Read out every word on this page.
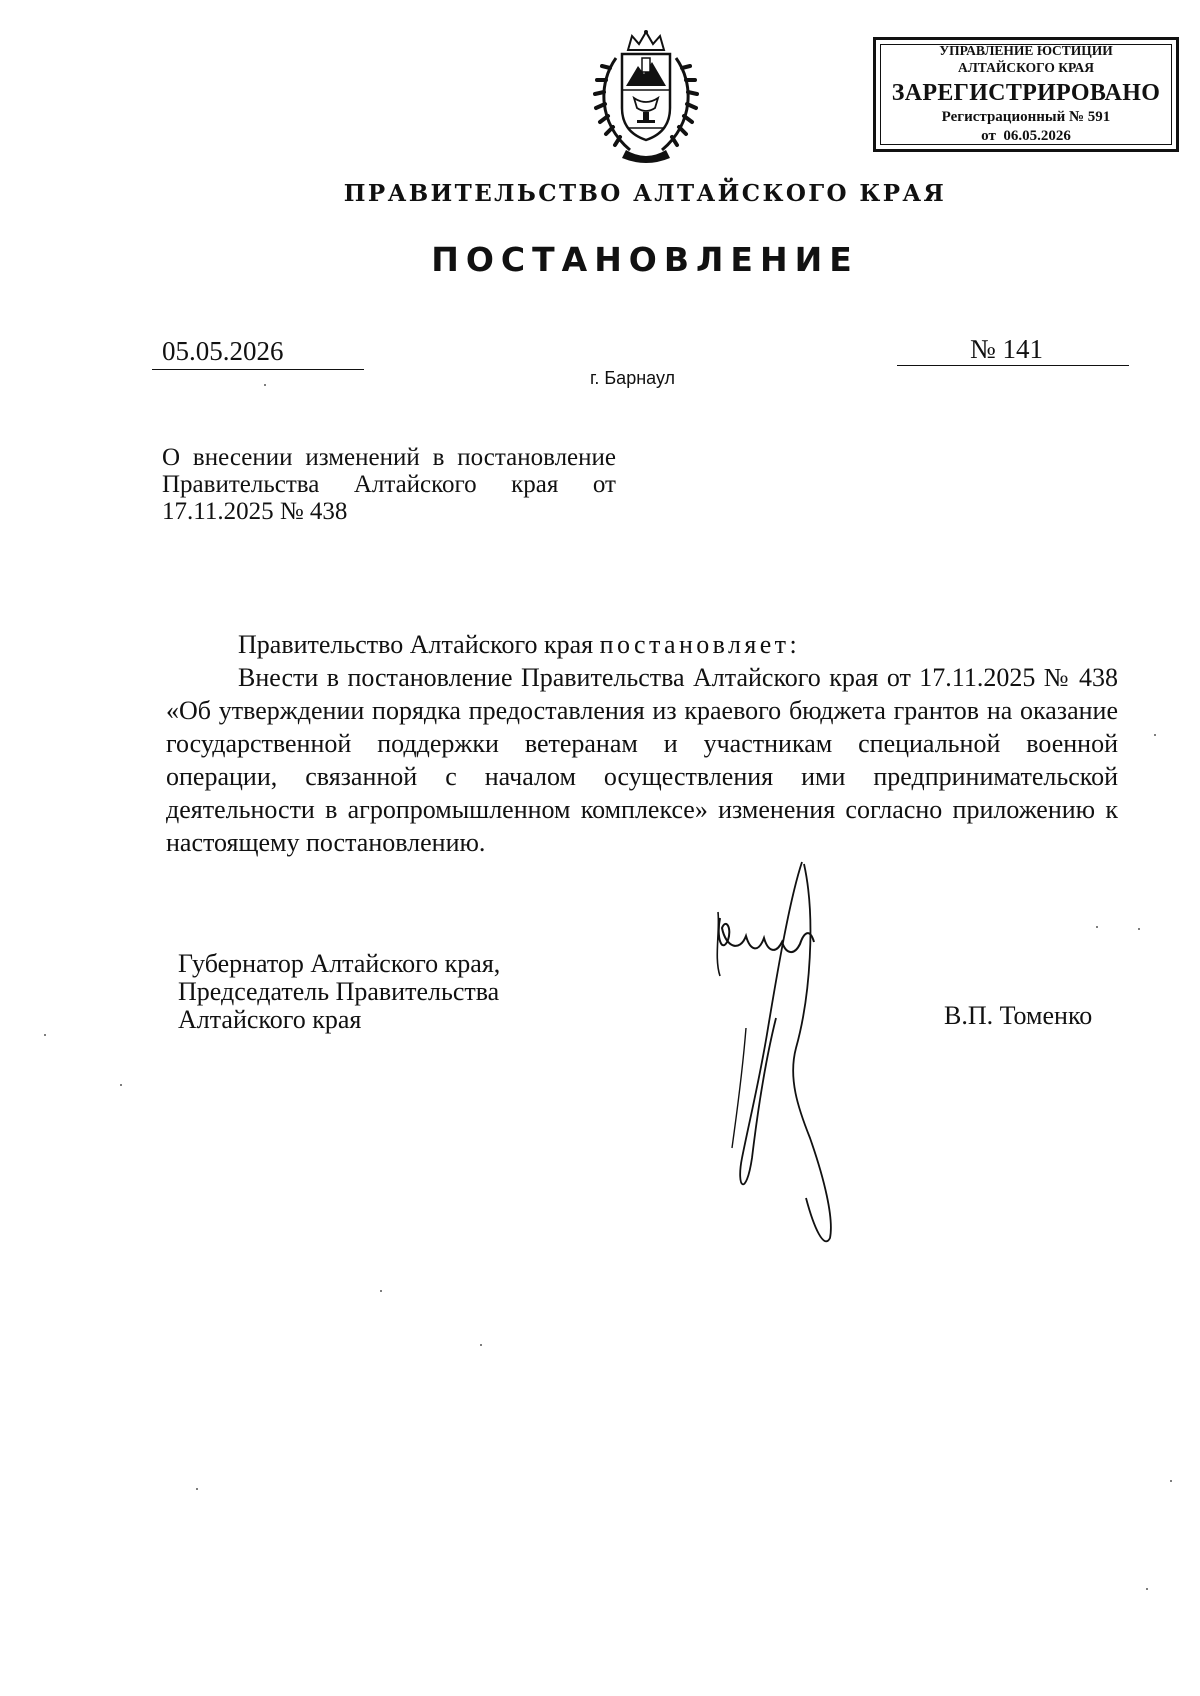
УПРАВЛЕНИЕ ЮСТИЦИИ
АЛТАЙСКОГО КРАЯ
ЗАРЕГИСТРИРОВАНО
Регистрационный № 591
от  06.05.2026
ПРАВИТЕЛЬСТВО АЛТАЙСКОГО КРАЯ
ПОСТАНОВЛЕНИЕ
05.05.2026	№ 141
г. Барнаул
О внесении изменений в постановление Правительства Алтайского края от 17.11.2025 № 438

Правительство Алтайского края постановляет:

Внести в постановление Правительства Алтайского края от 17.11.2025 № 438 «Об утверждении порядка предоставления из краевого бюджета грантов на оказание государственной поддержки ветеранам и участникам специальной военной операции, связанной с началом осуществления ими предпринимательской деятельности в агропромышленном комплексе» изменения согласно приложению к настоящему постановлению.

Губернатор Алтайского края,
Председатель Правительства
Алтайского края	В.П. Томенко
